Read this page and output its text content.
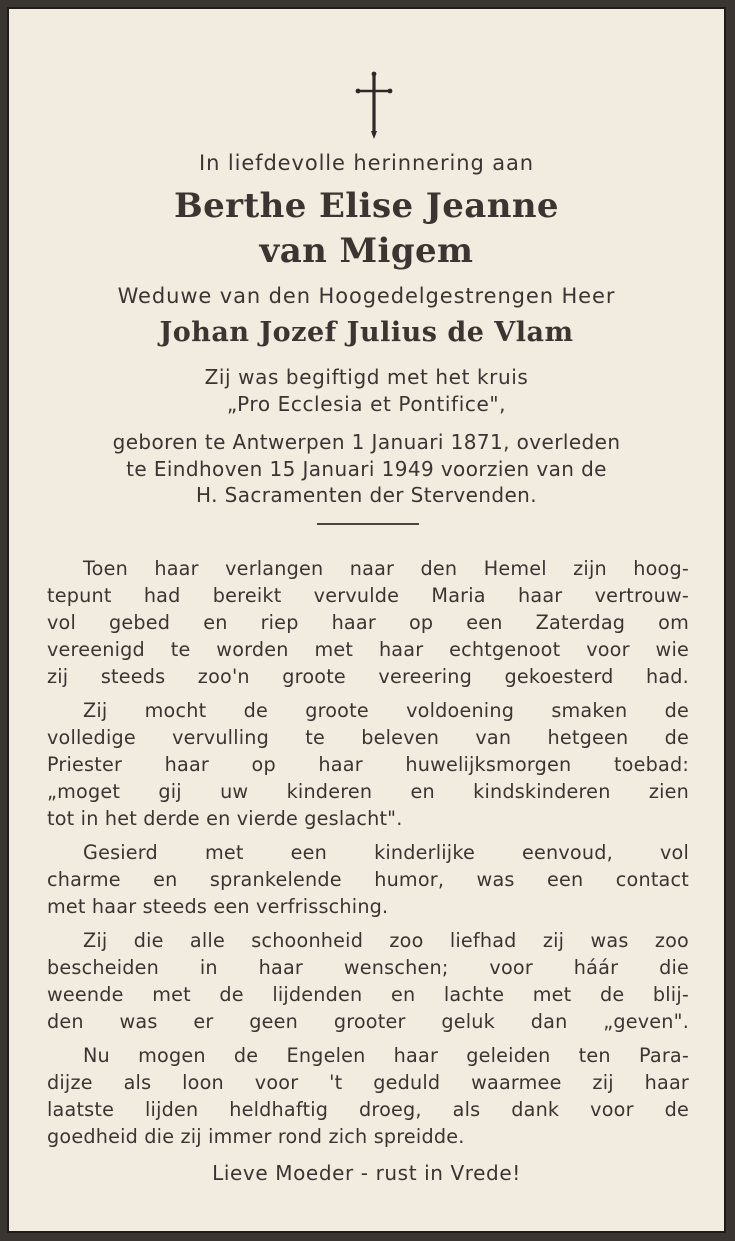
In liefdevolle herinnering aan
Berthe Elise Jeanne
van Migem
Weduwe van den Hoogedelgestrengen Heer
Johan Jozef Julius de Vlam
Zij was begiftigd met het kruis
„Pro Ecclesia et Pontifice",
geboren te Antwerpen 1 Januari 1871, overleden
te Eindhoven 15 Januari 1949 voorzien van de
H. Sacramenten der Stervenden.
Toen haar verlangen naar den Hemel zijn hoog-
tepunt had bereikt vervulde Maria haar vertrouw-
vol gebed en riep haar op een Zaterdag om
vereenigd te worden met haar echtgenoot voor wie
zij steeds zoo'n groote vereering gekoesterd had.
Zij mocht de groote voldoening smaken de
volledige vervulling te beleven van hetgeen de
Priester haar op haar huwelijksmorgen toebad:
„moget gij uw kinderen en kindskinderen zien
tot in het derde en vierde geslacht".
Gesierd met een kinderlijke eenvoud, vol
charme en sprankelende humor, was een contact
met haar steeds een verfrissching.
Zij die alle schoonheid zoo liefhad zij was zoo
bescheiden in haar wenschen; voor háár die
weende met de lijdenden en lachte met de blij-
den was er geen grooter geluk dan „geven".
Nu mogen de Engelen haar geleiden ten Para-
dijze als loon voor 't geduld waarmee zij haar
laatste lijden heldhaftig droeg, als dank voor de
goedheid die zij immer rond zich spreidde.
Lieve Moeder - rust in Vrede!
